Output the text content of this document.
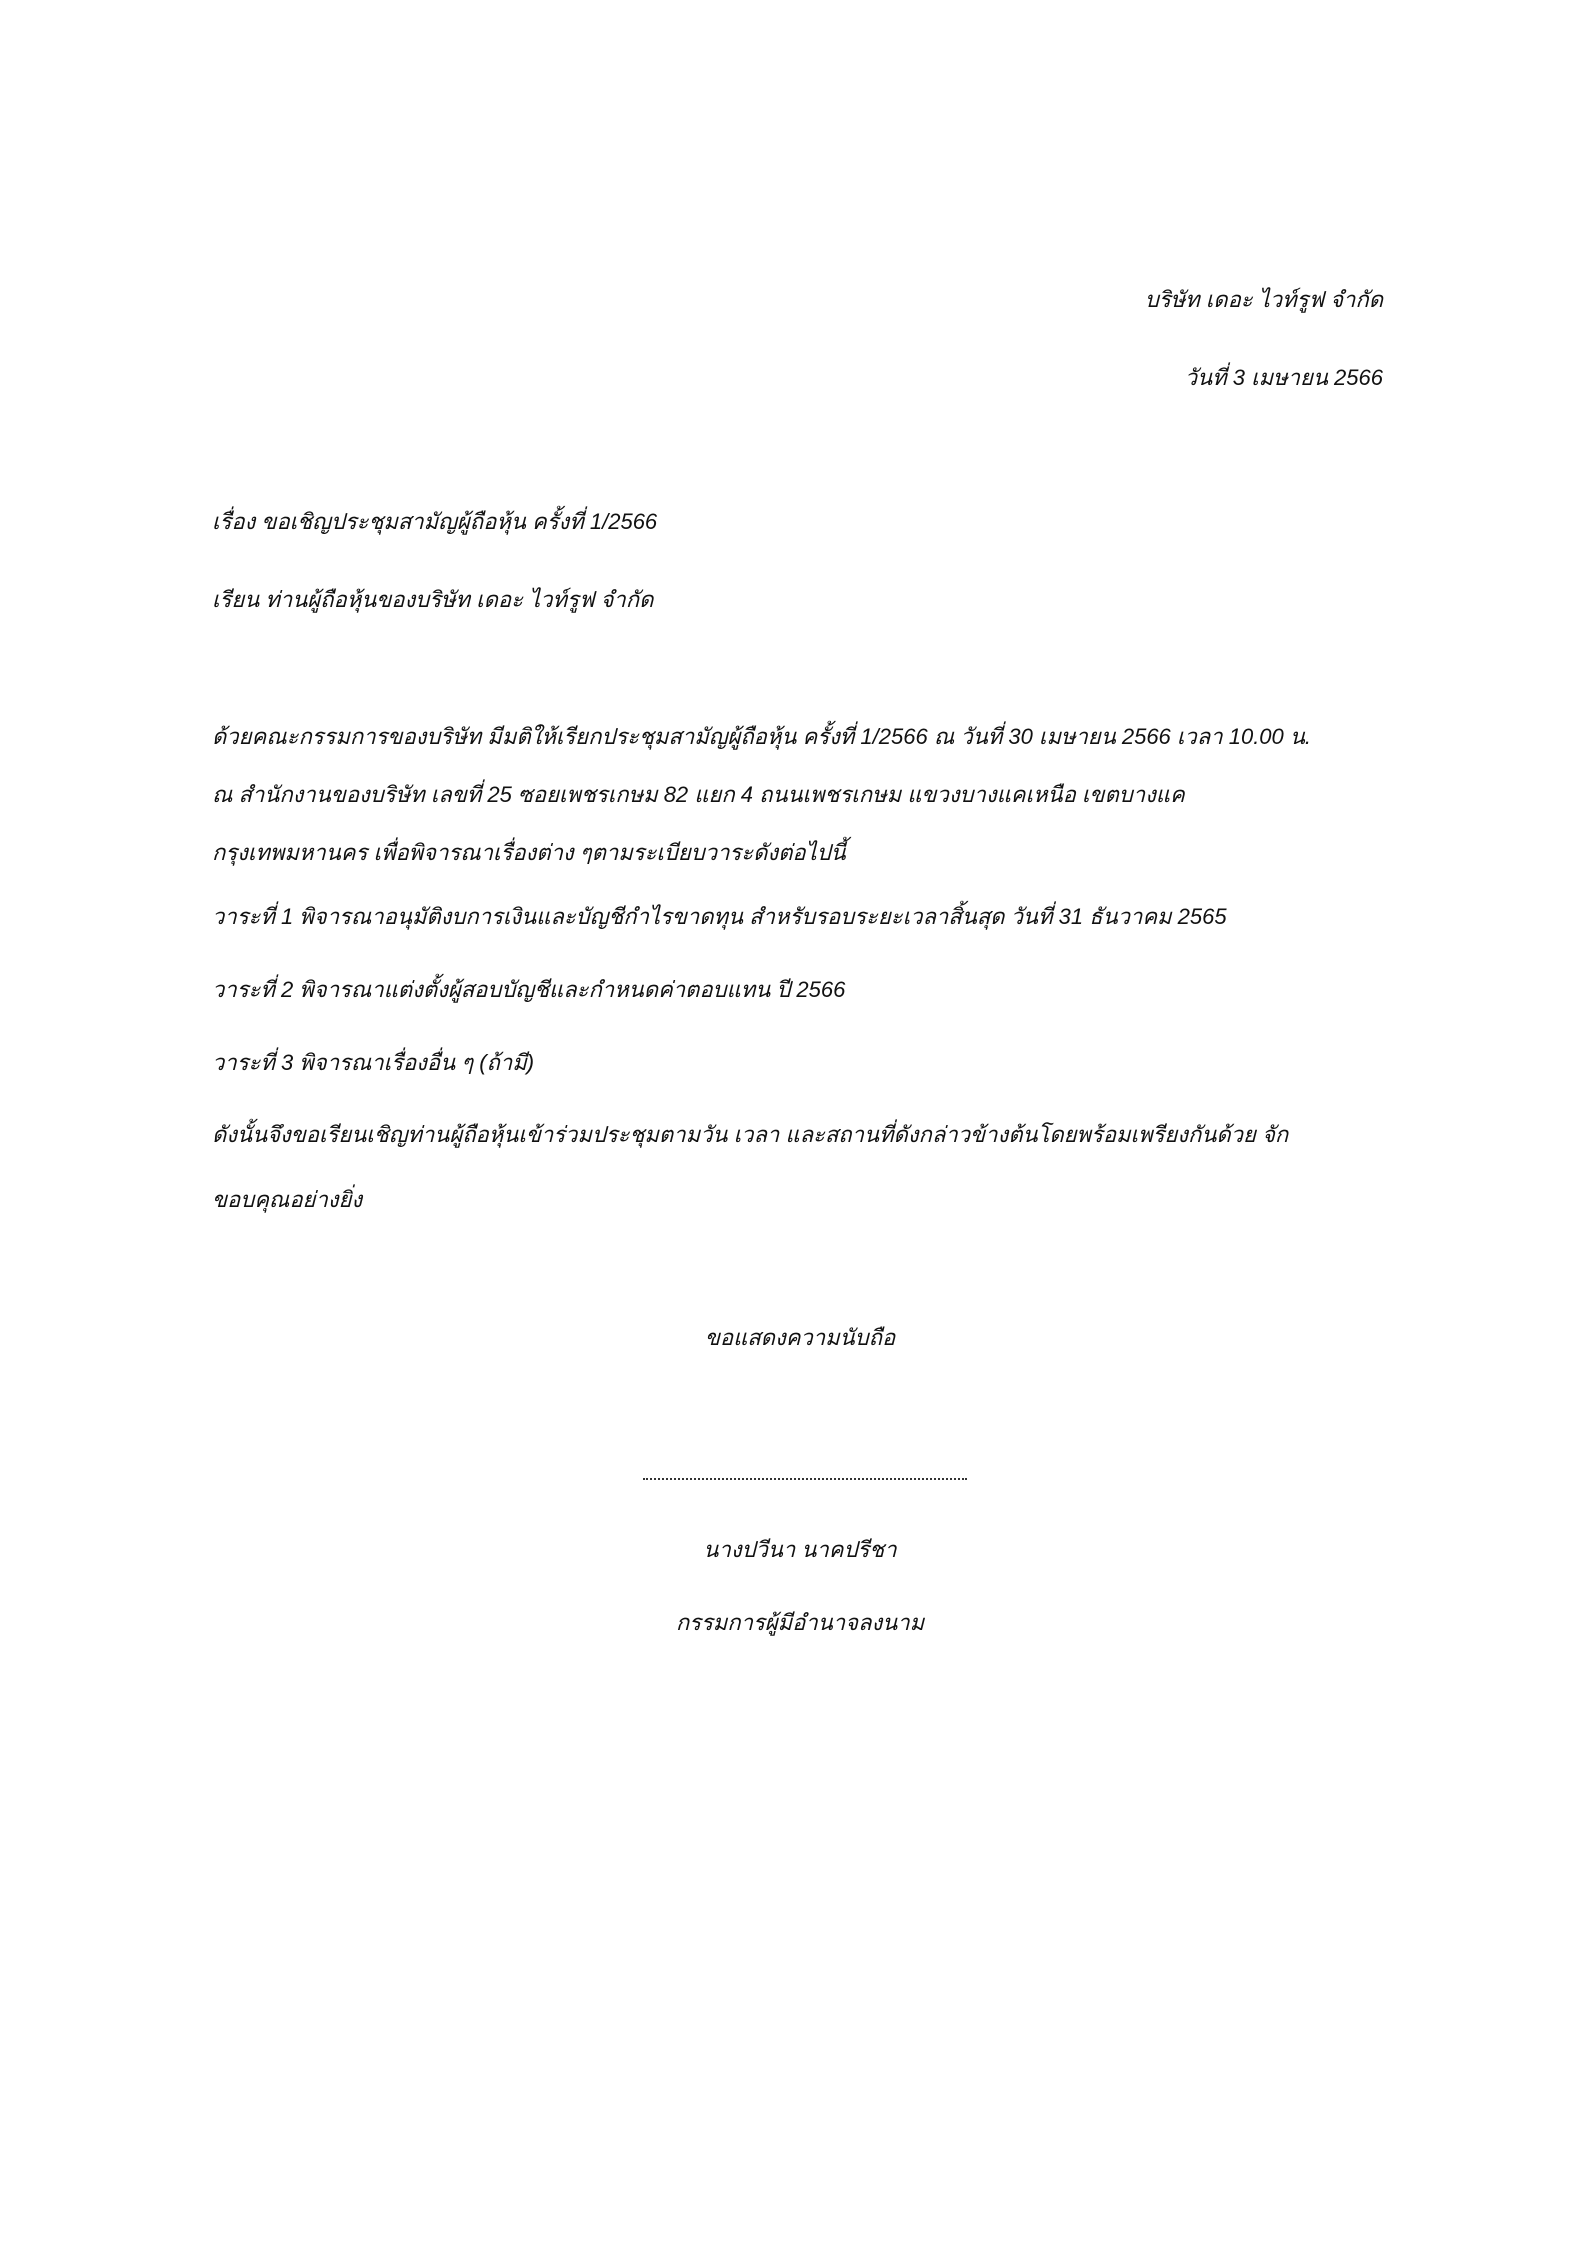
บริษัท เดอะ ไวท์รูฟ จำกัด
วันที่ 3 เมษายน 2566
เรื่อง ขอเชิญประชุมสามัญผู้ถือหุ้น ครั้งที่ 1/2566
เรียน ท่านผู้ถือหุ้นของบริษัท เดอะ ไวท์รูฟ จำกัด
ด้วยคณะกรรมการของบริษัท มีมติให้เรียกประชุมสามัญผู้ถือหุ้น ครั้งที่ 1/2566 ณ วันที่ 30 เมษายน 2566 เวลา 10.00 น.
ณ สำนักงานของบริษัท เลขที่ 25 ซอยเพชรเกษม 82 แยก 4 ถนนเพชรเกษม แขวงบางแคเหนือ เขตบางแค
กรุงเทพมหานคร เพื่อพิจารณาเรื่องต่าง ๆตามระเบียบวาระดังต่อไปนี้
วาระที่ 1 พิจารณาอนุมัติงบการเงินและบัญชีกำไรขาดทุน สำหรับรอบระยะเวลาสิ้นสุด วันที่ 31 ธันวาคม 2565
วาระที่ 2 พิจารณาแต่งตั้งผู้สอบบัญชีและกำหนดค่าตอบแทน ปี 2566
วาระที่ 3 พิจารณาเรื่องอื่น ๆ (ถ้ามี)
ดังนั้นจึงขอเรียนเชิญท่านผู้ถือหุ้นเข้าร่วมประชุมตามวัน เวลา และสถานที่ดังกล่าวข้างต้นโดยพร้อมเพรียงกันด้วย จัก
ขอบคุณอย่างยิ่ง
ขอแสดงความนับถือ
นางปวีนา นาคปรีชา
กรรมการผู้มีอำนาจลงนาม
